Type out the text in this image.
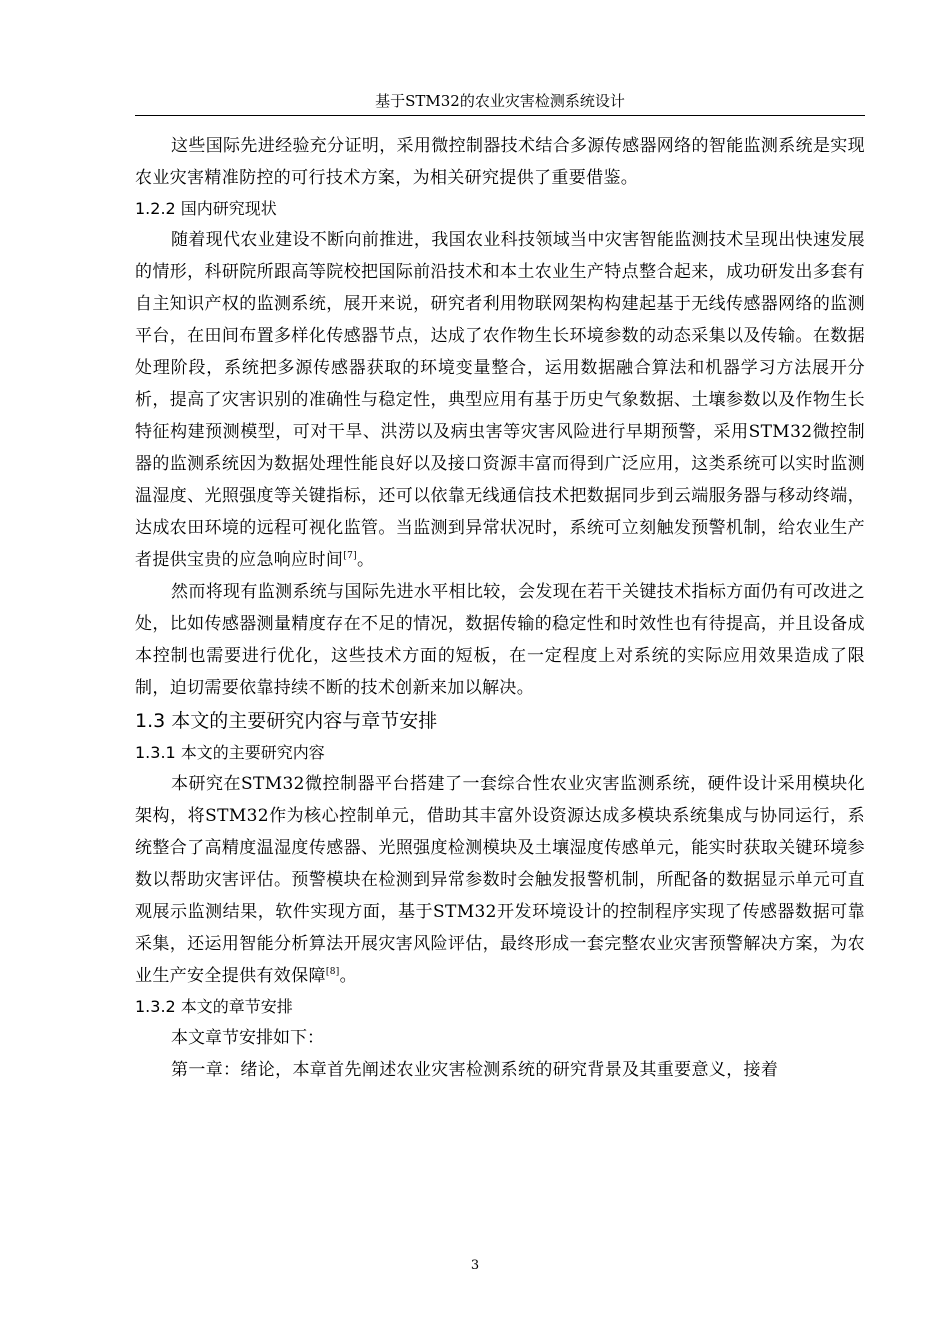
基于STM32的农业灾害检测系统设计

这些国际先进经验充分证明，采用微控制器技术结合多源传感器网络的智能监测系统是实现农业灾害精准防控的可行技术方案，为相关研究提供了重要借鉴。

1.2.2 国内研究现状

随着现代农业建设不断向前推进，我国农业科技领域当中灾害智能监测技术呈现出快速发展的情形，科研院所跟高等院校把国际前沿技术和本土农业生产特点整合起来，成功研发出多套有自主知识产权的监测系统，展开来说，研究者利用物联网架构构建起基于无线传感器网络的监测平台，在田间布置多样化传感器节点，达成了农作物生长环境参数的动态采集以及传输。在数据处理阶段，系统把多源传感器获取的环境变量整合，运用数据融合算法和机器学习方法展开分析，提高了灾害识别的准确性与稳定性，典型应用有基于历史气象数据、土壤参数以及作物生长特征构建预测模型，可对干旱、洪涝以及病虫害等灾害风险进行早期预警，采用STM32微控制器的监测系统因为数据处理性能良好以及接口资源丰富而得到广泛应用，这类系统可以实时监测温湿度、光照强度等关键指标，还可以依靠无线通信技术把数据同步到云端服务器与移动终端，达成农田环境的远程可视化监管。当监测到异常状况时，系统可立刻触发预警机制，给农业生产者提供宝贵的应急响应时间[7]。

然而将现有监测系统与国际先进水平相比较，会发现在若干关键技术指标方面仍有可改进之处，比如传感器测量精度存在不足的情况，数据传输的稳定性和时效性也有待提高，并且设备成本控制也需要进行优化，这些技术方面的短板，在一定程度上对系统的实际应用效果造成了限制，迫切需要依靠持续不断的技术创新来加以解决。

1.3 本文的主要研究内容与章节安排
1.3.1 本文的主要研究内容

本研究在STM32微控制器平台搭建了一套综合性农业灾害监测系统，硬件设计采用模块化架构，将STM32作为核心控制单元，借助其丰富外设资源达成多模块系统集成与协同运行，系统整合了高精度温湿度传感器、光照强度检测模块及土壤湿度传感单元，能实时获取关键环境参数以帮助灾害评估。预警模块在检测到异常参数时会触发报警机制，所配备的数据显示单元可直观展示监测结果，软件实现方面，基于STM32开发环境设计的控制程序实现了传感器数据可靠采集，还运用智能分析算法开展灾害风险评估，最终形成一套完整农业灾害预警解决方案，为农业生产安全提供有效保障[8]。

1.3.2 本文的章节安排

本文章节安排如下：

第一章：绪论，本章首先阐述农业灾害检测系统的研究背景及其重要意义，接着

3
